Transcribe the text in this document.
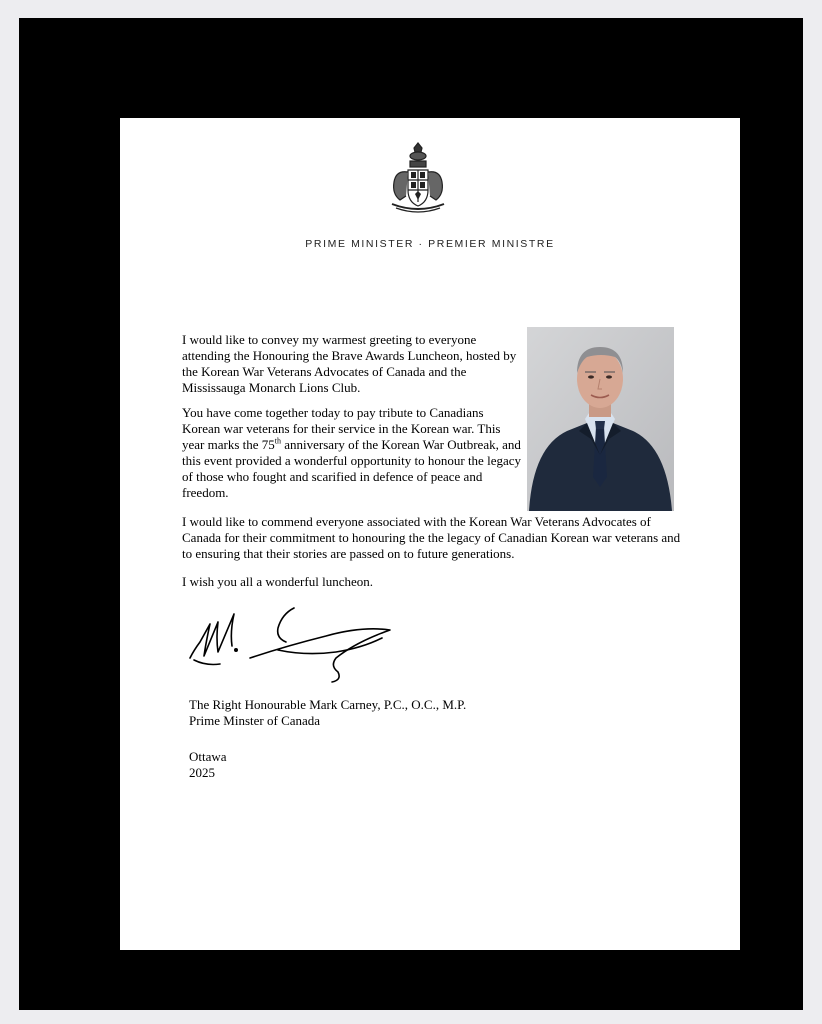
PRIME MINISTER · PREMIER MINISTRE
I would like to convey my warmest greeting to everyone attending the Honouring the Brave Awards Luncheon, hosted by the Korean War Veterans Advocates of Canada and the Mississauga Monarch Lions Club.
You have come together today to pay tribute to Canadians Korean war veterans for their service in the Korean war. This year marks the 75th anniversary of the Korean War Outbreak, and this event provided a wonderful opportunity to honour the legacy of those who fought and scarified in defence of peace and freedom.
I would like to commend everyone associated with the Korean War Veterans Advocates of Canada for their commitment to honouring the the legacy of Canadian Korean war veterans and to ensuring that their stories are passed on to future generations.
I wish you all a wonderful luncheon.
The Right Honourable Mark Carney, P.C., O.C., M.P.
Prime Minster of Canada
Ottawa
2025
